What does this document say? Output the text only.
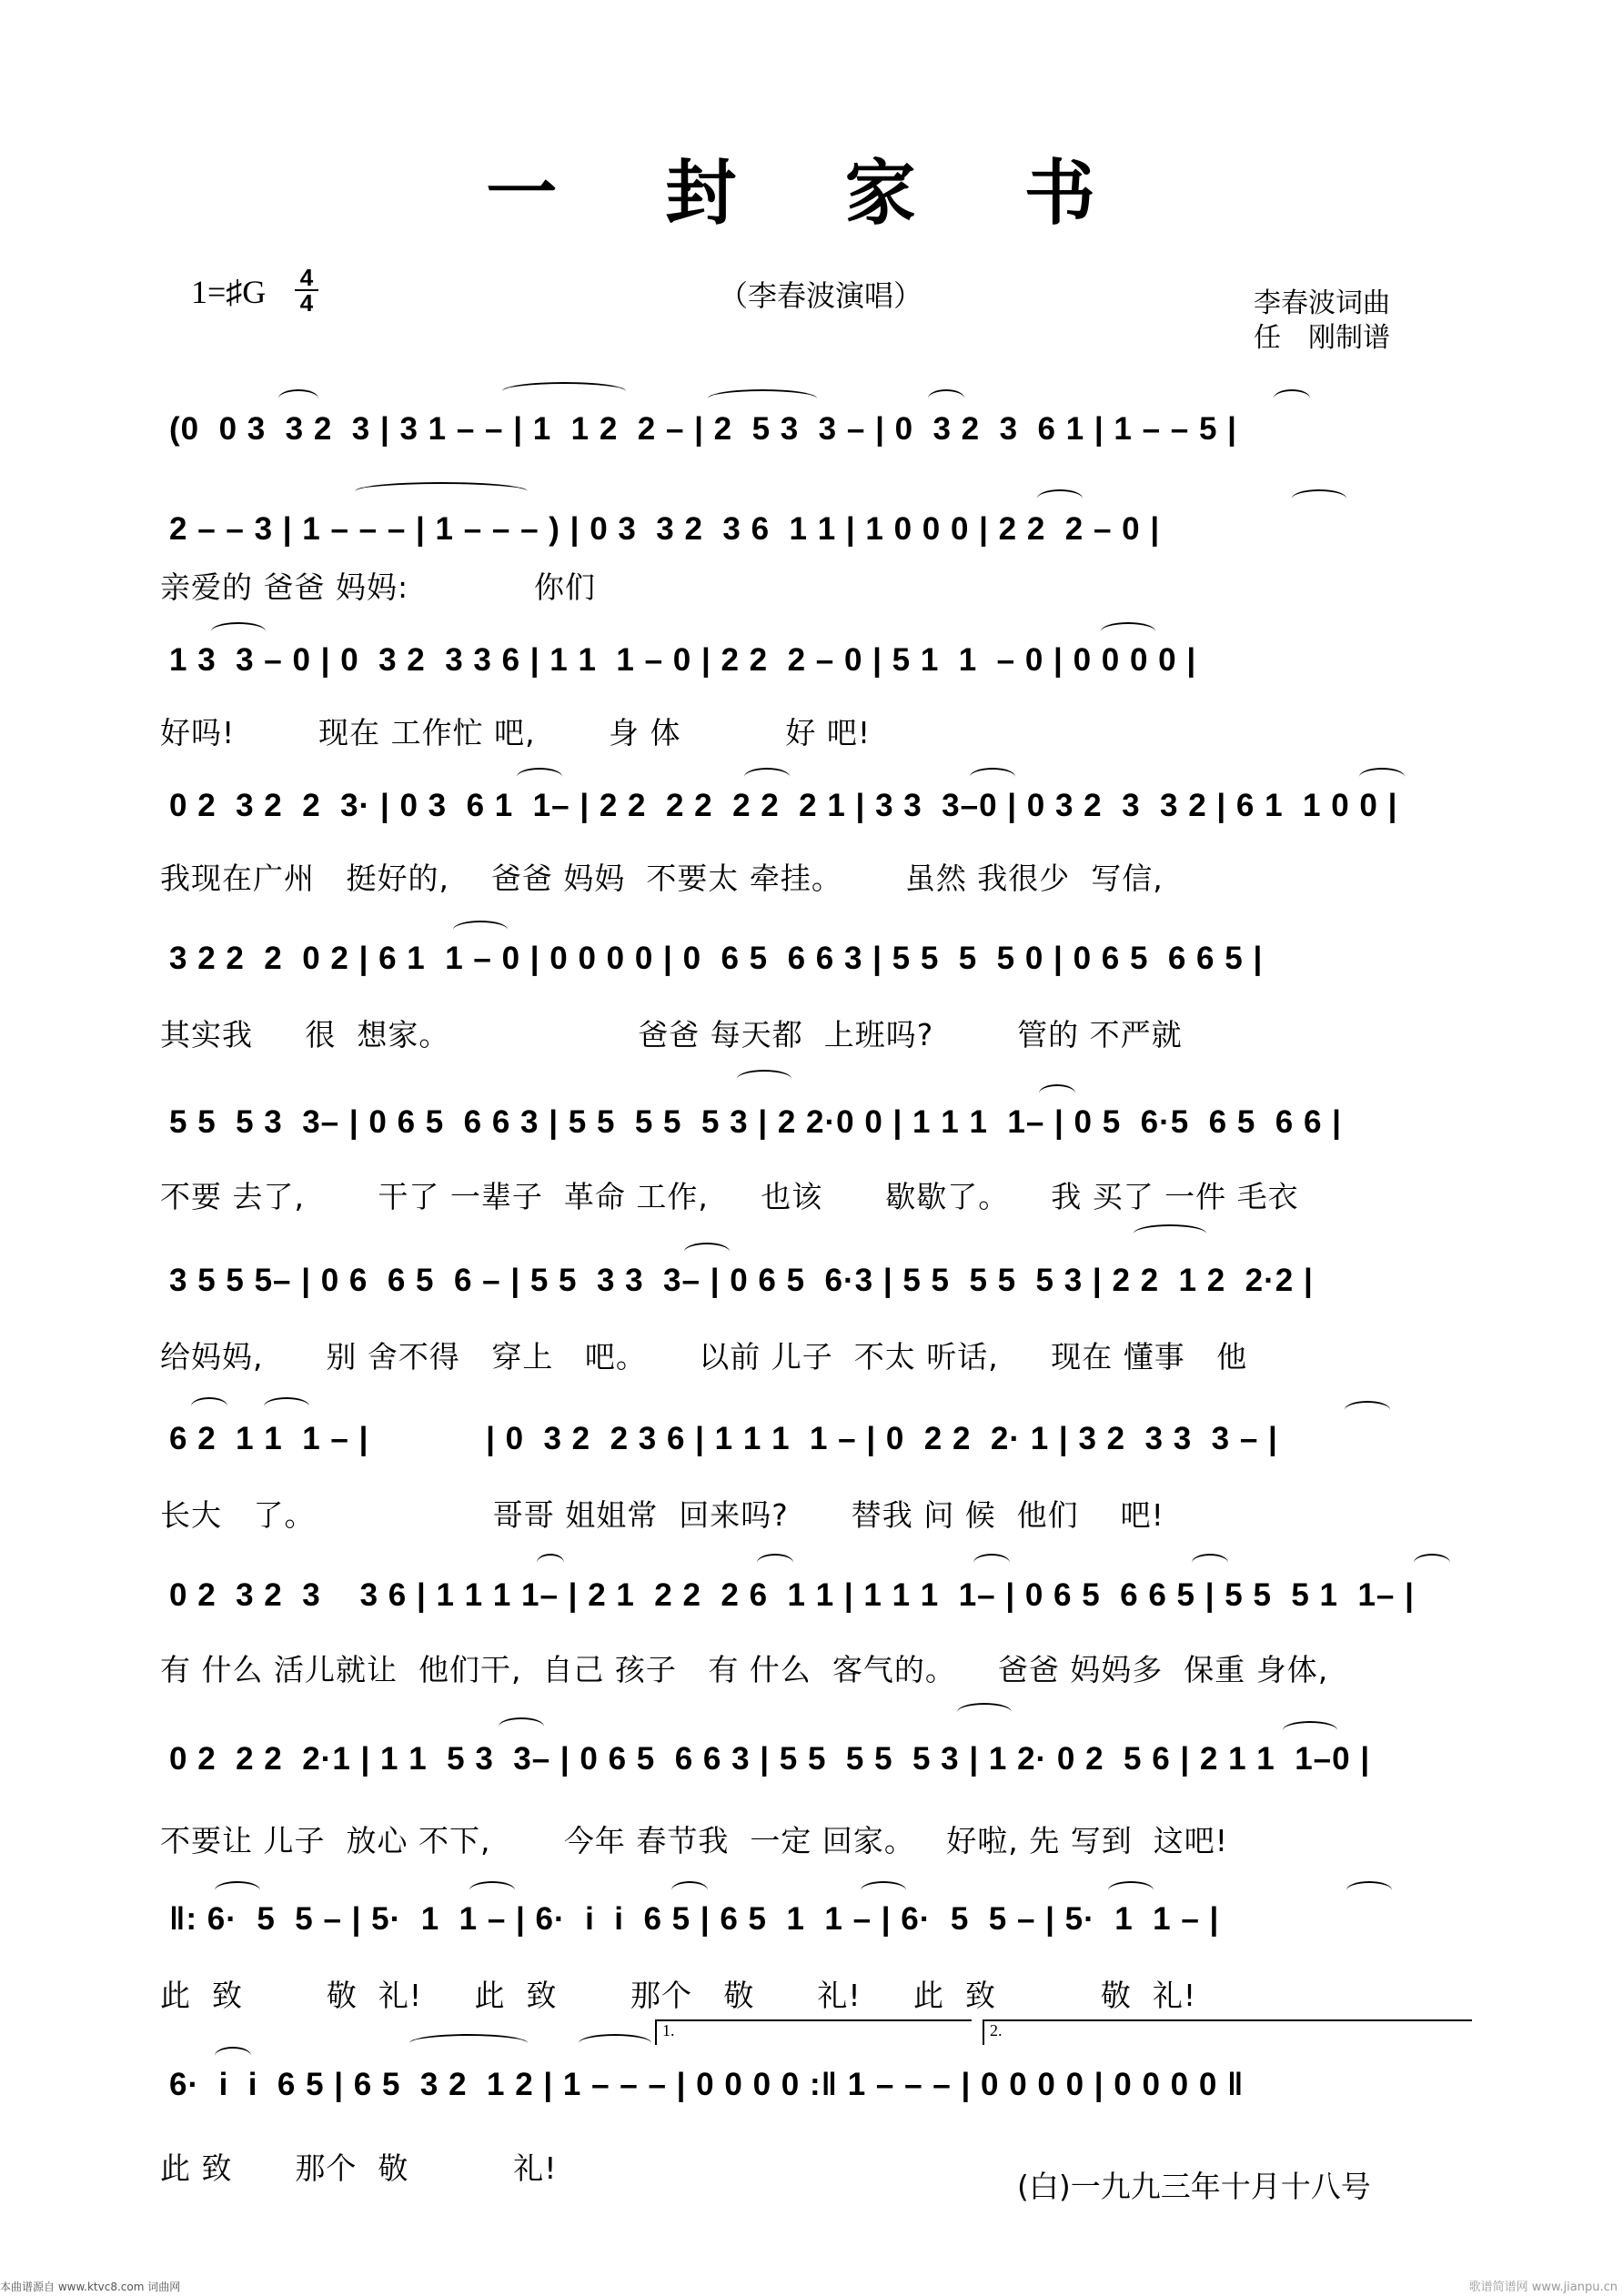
一 封 家 书
1=♯G 4
4	（李春波演唱）	李春波词曲
任　刚制谱
(0  0 3  3 2  3 | 3 1 – – | 1  1 2  2 – | 2  5 3  3 – | 0  3 2  3  6 1 | 1 – – 5 |
2 – – 3 | 1 – – – | 1 – – – ) | 0 3  3 2  3 6  1 1 | 1 0 0 0 | 2 2  2 – 0 |
亲爱的 爸爸 妈妈:            你们
1 3  3 – 0 | 0  3 2  3 3 6 | 1 1  1 – 0 | 2 2  2 – 0 | 5 1  1  – 0 | 0 0 0 0 |
好吗!        现在 工作忙 吧,       身 体          好 吧!
0 2  3 2  2  3· | 0 3  6 1  1– | 2 2  2 2  2 2  2 1 | 3 3  3–0 | 0 3 2  3  3 2 | 6 1  1 0 0 |
我现在广州   挺好的,    爸爸 妈妈  不要太 牵挂。      虽然 我很少  写信,
3 2 2  2  0 2 | 6 1  1 – 0 | 0 0 0 0 | 0  6 5  6 6 3 | 5 5  5  5 0 | 0 6 5  6 6 5 |
其实我     很  想家。                  爸爸 每天都  上班吗?        管的 不严就
5 5  5 3  3– | 0 6 5  6 6 3 | 5 5  5 5  5 3 | 2 2·0 0 | 1 1 1  1– | 0 5  6·5  6 5  6 6 |
不要 去了,       干了 一辈子  革命 工作,     也该      歇歇了。    我 买了 一件 毛衣
3 5 5 5– | 0 6  6 5  6 – | 5 5  3 3  3– | 0 6 5  6·3 | 5 5  5 5  5 3 | 2 2  1 2  2·2 |
给妈妈,      别 舍不得   穿上   吧。     以前 儿子  不太 听话,     现在 懂事   他
6 2  1 1  1 – |            | 0  3 2  2 3 6 | 1 1 1  1 – | 0  2 2  2· 1 | 3 2  3 3  3 – |
长大   了。                 哥哥 姐姐常  回来吗?      替我 问 候  他们    吧!
0 2  3 2  3    3 6 | 1 1 1 1– | 2 1  2 2  2 6  1 1 | 1 1 1  1– | 0 6 5  6 6 5 | 5 5  5 1  1– |
有 什么 活儿就让  他们干,  自己 孩子   有 什么  客气的。    爸爸 妈妈多  保重 身体,
0 2  2 2  2·1 | 1 1  5 3  3– | 0 6 5  6 6 3 | 5 5  5 5  5 3 | 1 2· 0 2  5 6 | 2 1 1  1–0 |
不要让 儿子  放心 不下,       今年 春节我  一定 回家。   好啦, 先 写到  这吧!
‖: 6·  5  5 – | 5·  1  1 – | 6·  i  i  6 5 | 6 5  1  1 – | 6·  5  5 – | 5·  1  1 – |
此  致        敬  礼!     此  致       那个   敬      礼!     此  致          敬  礼!
1.	2.
6·  i  i  6 5 | 6 5  3 2  1 2 | 1 – – – | 0 0 0 0 :‖ 1 – – – | 0 0 0 0 | 0 0 0 0 ‖
此 致      那个  敬          礼!
(白)一九九三年十月十八号
本曲谱源自 www.ktvc8.com 词曲网	歌谱简谱网 www.jianpu.cn
